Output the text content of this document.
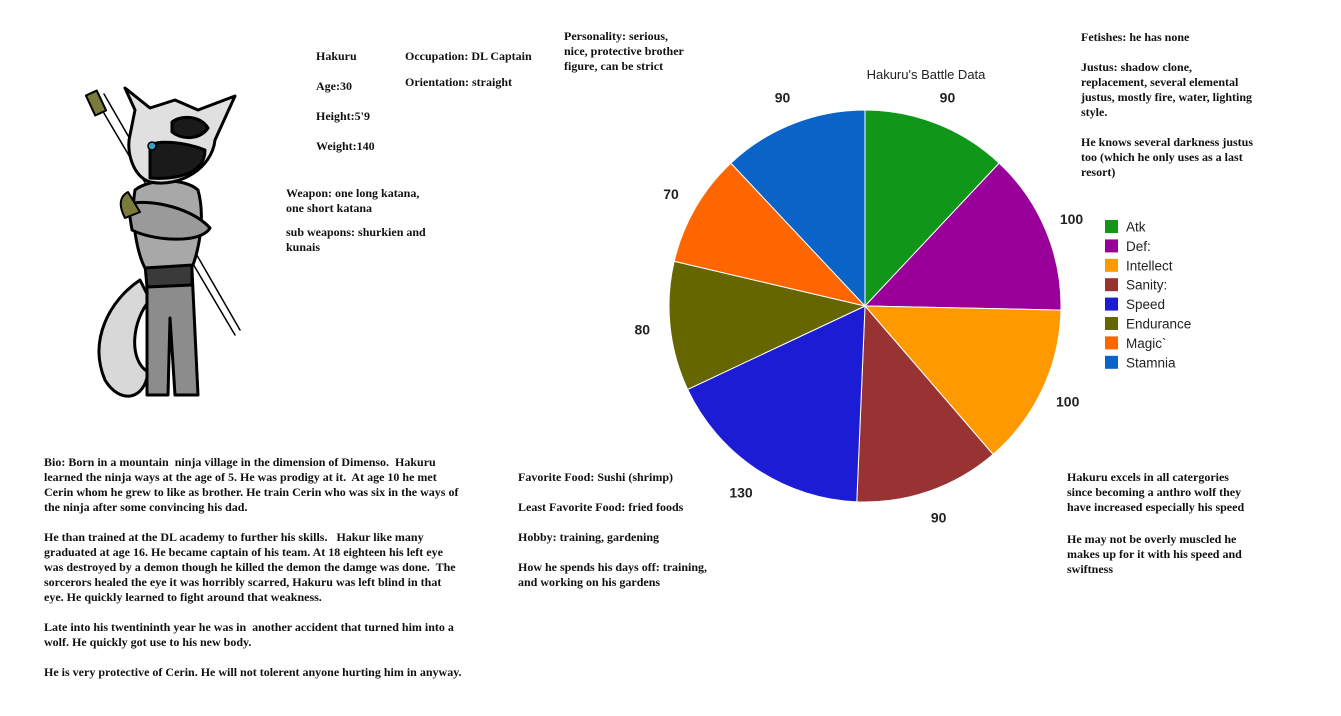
Hakuru	Occupation: DL Captain

Age:30	Orientation: straight

Height:5'9

Weight:140

Weapon: one long katana,
one short katana

sub weapons: shurkien and
kunais

Personality: serious,
nice, protective brother
figure, can be strict

Fetishes: he has none

Justus: shadow clone,
replacement, several elemental
justus, mostly fire, water, lighting
style.

He knows several darkness justus
too (which he only uses as a last
resort)

Bio: Born in a mountain  ninja village in the dimension of Dimenso.  Hakuru
learned the ninja ways at the age of 5. He was prodigy at it.  At age 10 he met
Cerin whom he grew to like as brother. He train Cerin who was six in the ways of
the ninja after some convincing his dad.

He than trained at the DL academy to further his skills.   Hakur like many
graduated at age 16. He became captain of his team. At 18 eighteen his left eye
was destroyed by a demon though he killed the demon the damge was done.  The
sorcerors healed the eye it was horribly scarred, Hakuru was left blind in that
eye. He quickly learned to fight around that weakness.

Late into his twentininth year he was in  another accident that turned him into a
wolf. He quickly got use to his new body.

He is very protective of Cerin. He will not tolerent anyone hurting him in anyway.

Favorite Food: Sushi (shrimp)

Least Favorite Food: fried foods

Hobby: training, gardening

How he spends his days off: training,
and working on his gardens

Hakuru excels in all catergories
since becoming a anthro wolf they
have increased especially his speed

He may not be overly muscled he
makes up for it with his speed and
swiftness

Hakuru's Battle Data
90
100
100
90
130
80
70
90
Atk
Def:
Intellect
Sanity:
Speed
Endurance
Magic`
Stamnia
